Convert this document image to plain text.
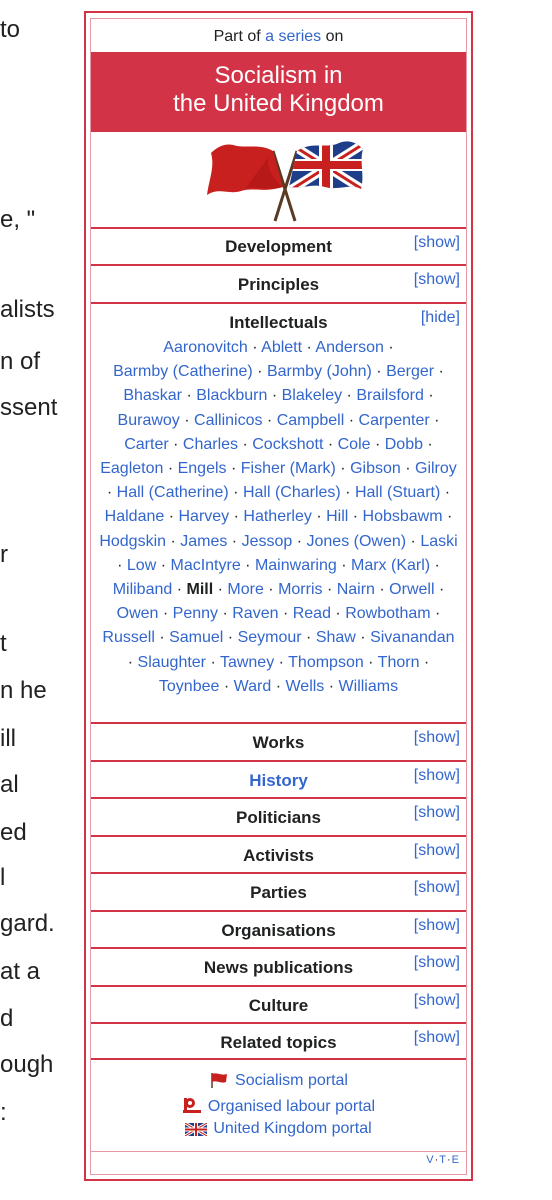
to
e, "
alists
n of
ssent
r
t
n he
ill
al
ed
l
gard.
at a
d
ough
:
Part of a series on
Socialism in
the United Kingdom
Development	[show]
Principles	[show]
Intellectuals	[hide]
Aaronovitch · Ablett · Anderson · Barmby (Catherine) · Barmby (John) · Berger · Bhaskar · Blackburn · Blakeley · Brailsford · Burawoy · Callinicos · Campbell · Carpenter · Carter · Charles · Cockshott · Cole · Dobb · Eagleton · Engels · Fisher (Mark) · Gibson · Gilroy · Hall (Catherine) · Hall (Charles) · Hall (Stuart) · Haldane · Harvey · Hatherley · Hill · Hobsbawm · Hodgskin · James · Jessop · Jones (Owen) · Laski · Low · MacIntyre · Mainwaring · Marx (Karl) · Miliband · Mill · More · Morris · Nairn · Orwell · Owen · Penny · Raven · Read · Rowbotham · Russell · Samuel · Seymour · Shaw · Sivanandan · Slaughter · Tawney · Thompson · Thorn · Toynbee · Ward · Wells · Williams
Works	[show]
History	[show]
Politicians	[show]
Activists	[show]
Parties	[show]
Organisations	[show]
News publications	[show]
Culture	[show]
Related topics	[show]
Socialism portal
Organised labour portal
United Kingdom portal
V·T·E
